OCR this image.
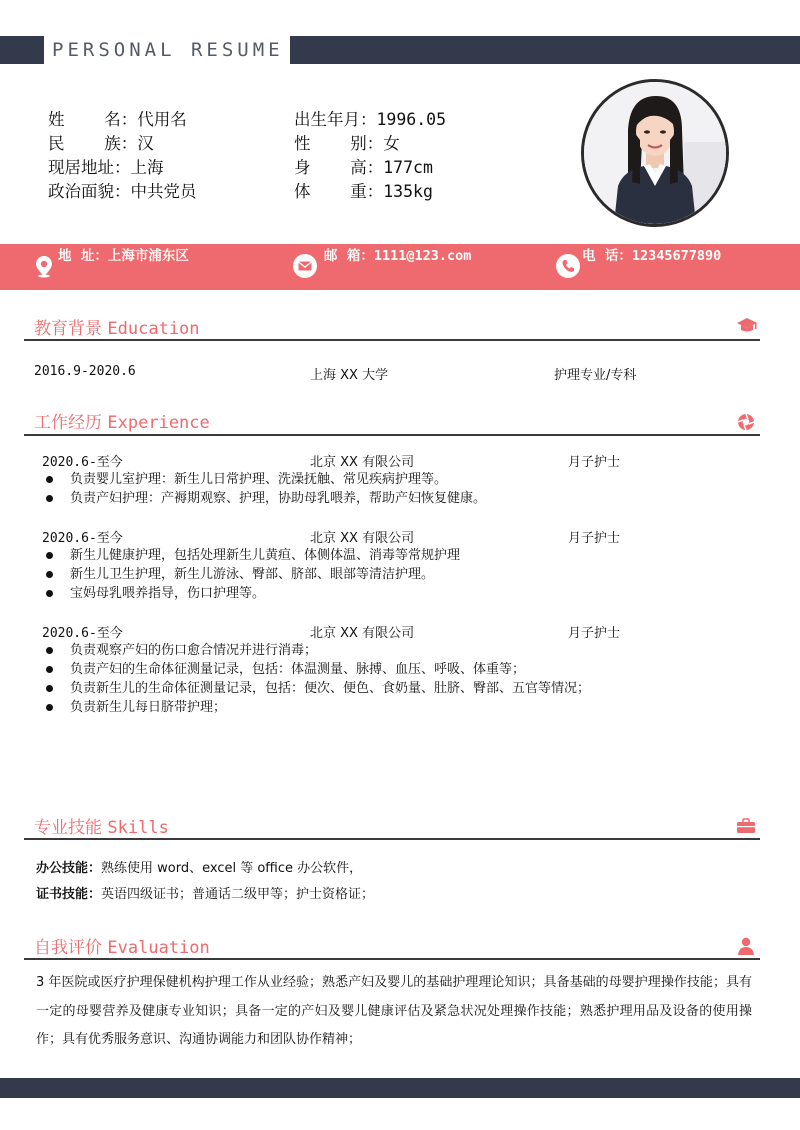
PERSONAL RESUME
姓    名：代用名
民    族：汉
现居地址：上海
政治面貌：中共党员
出生年月：1996.05
性    别：女
身    高：177cm
体    重：135kg
地  址：上海市浦东区	邮  箱：1111@123.com	电  话：12345677890
教育背景 Education
2016.9-2020.6	上海 XX 大学	护理专业/专科
工作经历 Experience
2020.6-至今	北京 XX 有限公司	月子护士
负责婴儿室护理：新生儿日常护理、洗澡抚触、常见疾病护理等。
负责产妇护理：产褥期观察、护理，协助母乳喂养，帮助产妇恢复健康。
2020.6-至今	北京 XX 有限公司	月子护士
新生儿健康护理，包括处理新生儿黄疸、体侧体温、消毒等常规护理
新生儿卫生护理，新生儿游泳、臀部、脐部、眼部等清洁护理。
宝妈母乳喂养指导，伤口护理等。
2020.6-至今	北京 XX 有限公司	月子护士
负责观察产妇的伤口愈合情况并进行消毒；
负责产妇的生命体征测量记录，包括：体温测量、脉搏、血压、呼吸、体重等；
负责新生儿的生命体征测量记录，包括：便次、便色、食奶量、肚脐、臀部、五官等情况；
负责新生儿每日脐带护理；
专业技能 Skills
办公技能：熟练使用 word、excel 等 office 办公软件，
证书技能：英语四级证书；普通话二级甲等；护士资格证；
自我评价 Evaluation
3 年医院或医疗护理保健机构护理工作从业经验；熟悉产妇及婴儿的基础护理理论知识；具备基础的母婴护理操作技能；具有一定的母婴营养及健康专业知识；具备一定的产妇及婴儿健康评估及紧急状况处理操作技能；熟悉护理用品及设备的使用操作；具有优秀服务意识、沟通协调能力和团队协作精神；
